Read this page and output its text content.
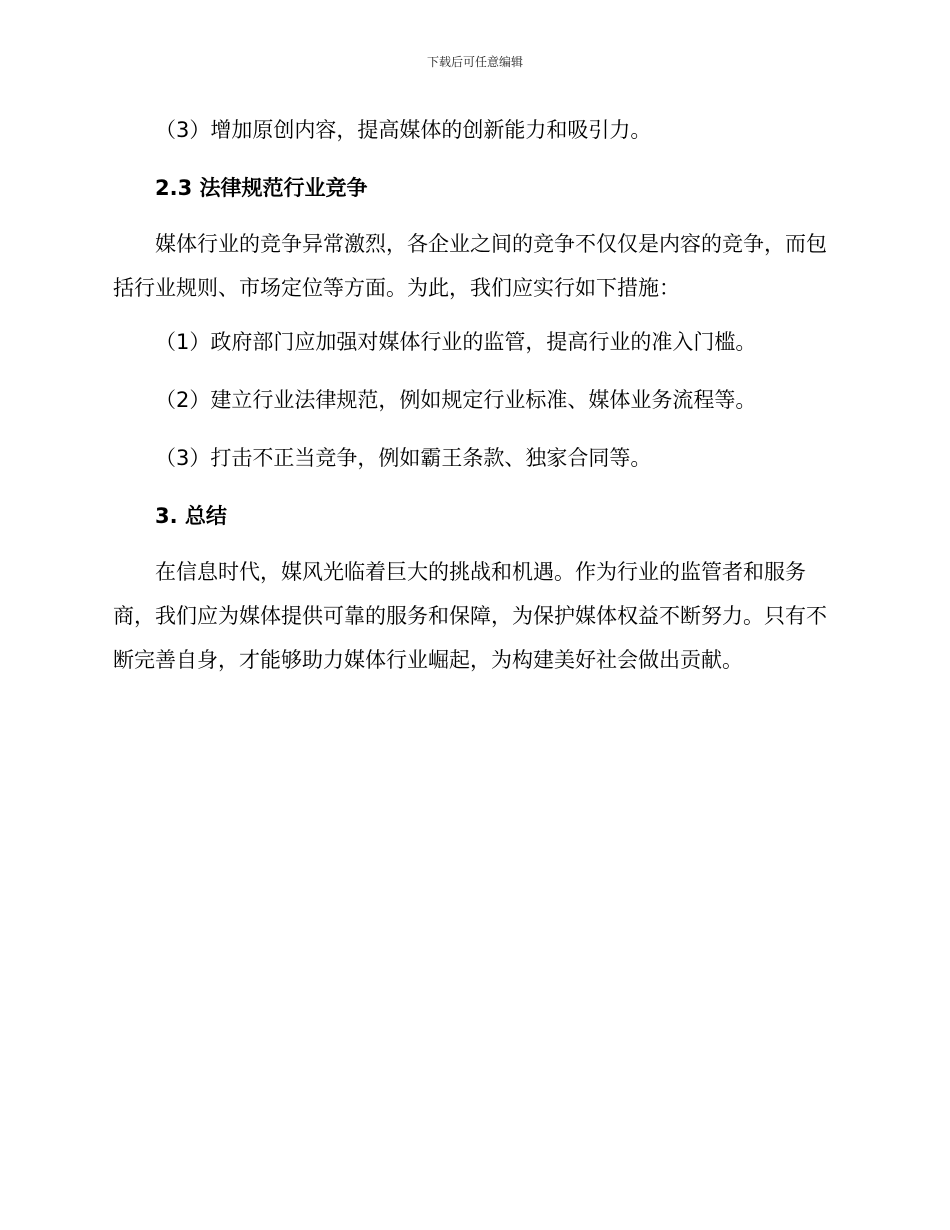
下载后可任意编辑

（3）增加原创内容，提高媒体的创新能力和吸引力。

2.3 法律规范行业竞争

媒体行业的竞争异常激烈，各企业之间的竞争不仅仅是内容的竞争，而包括行业规则、市场定位等方面。为此，我们应实行如下措施：

（1）政府部门应加强对媒体行业的监管，提高行业的准入门槛。

（2）建立行业法律规范，例如规定行业标准、媒体业务流程等。

（3）打击不正当竞争，例如霸王条款、独家合同等。

3. 总结

在信息时代，媒风光临着巨大的挑战和机遇。作为行业的监管者和服务商，我们应为媒体提供可靠的服务和保障，为保护媒体权益不断努力。只有不断完善自身，才能够助力媒体行业崛起，为构建美好社会做出贡献。
